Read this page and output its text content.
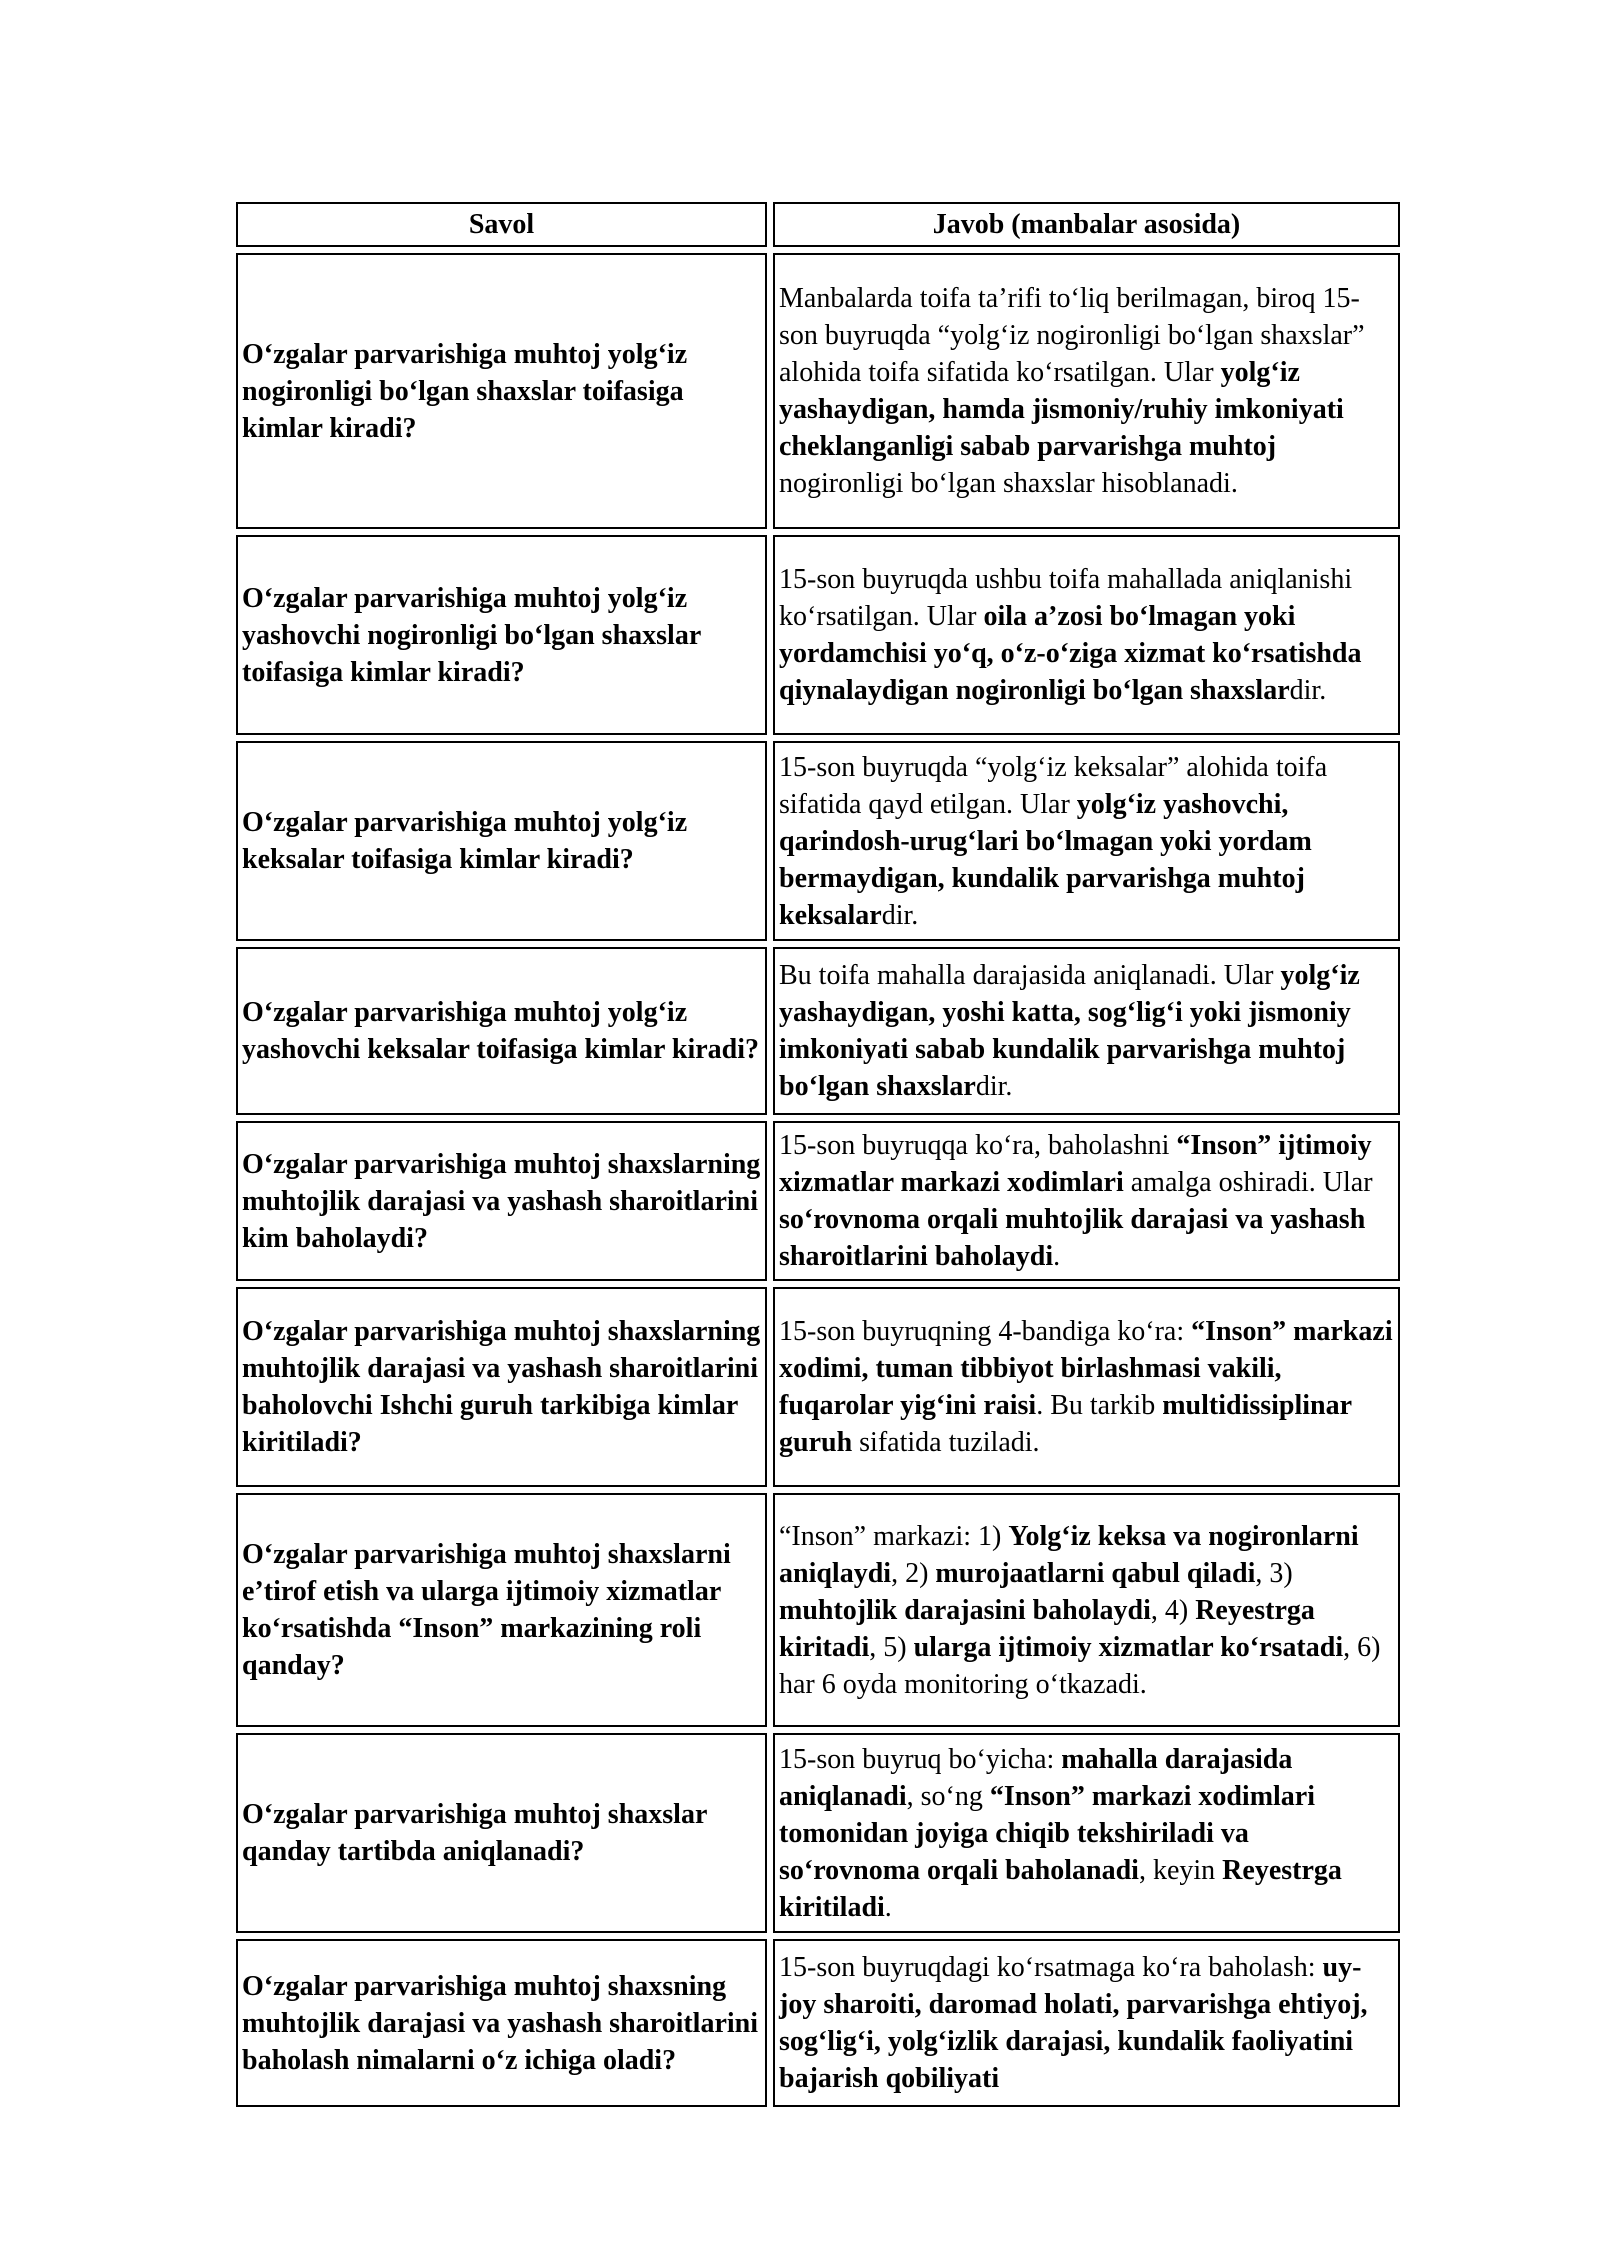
Savol		Javob (manbalar asosida)
O‘zgalar parvarishiga muhtoj yolg‘iz nogironligi bo‘lgan shaxslar toifasiga kimlar kiradi?		Manbalarda toifa ta’rifi to‘liq berilmagan, biroq 15-son buyruqda “yolg‘iz nogironligi bo‘lgan shaxslar” alohida toifa sifatida ko‘rsatilgan. Ular yolg‘iz yashaydigan, hamda jismoniy/ruhiy imkoniyati cheklanganligi sabab parvarishga muhtoj nogironligi bo‘lgan shaxslar hisoblanadi.
O‘zgalar parvarishiga muhtoj yolg‘iz yashovchi nogironligi bo‘lgan shaxslar toifasiga kimlar kiradi?		15-son buyruqda ushbu toifa mahallada aniqlanishi ko‘rsatilgan. Ular oila a’zosi bo‘lmagan yoki yordamchisi yo‘q, o‘z-o‘ziga xizmat ko‘rsatishda qiynalaydigan nogironligi bo‘lgan shaxslardir.
O‘zgalar parvarishiga muhtoj yolg‘iz keksalar toifasiga kimlar kiradi?		15-son buyruqda “yolg‘iz keksalar” alohida toifa sifatida qayd etilgan. Ular yolg‘iz yashovchi, qarindosh-urug‘lari bo‘lmagan yoki yordam bermaydigan, kundalik parvarishga muhtoj keksalardir.
O‘zgalar parvarishiga muhtoj yolg‘iz yashovchi keksalar toifasiga kimlar kiradi?		Bu toifa mahalla darajasida aniqlanadi. Ular yolg‘iz yashaydigan, yoshi katta, sog‘lig‘i yoki jismoniy imkoniyati sabab kundalik parvarishga muhtoj bo‘lgan shaxslardir.
O‘zgalar parvarishiga muhtoj shaxslarning muhtojlik darajasi va yashash sharoitlarini kim baholaydi?		15-son buyruqqa ko‘ra, baholashni “Inson” ijtimoiy xizmatlar markazi xodimlari amalga oshiradi. Ular so‘rovnoma orqali muhtojlik darajasi va yashash sharoitlarini baholaydi.
O‘zgalar parvarishiga muhtoj shaxslarning muhtojlik darajasi va yashash sharoitlarini baholovchi Ishchi guruh tarkibiga kimlar kiritiladi?		15-son buyruqning 4-bandiga ko‘ra: “Inson” markazi xodimi, tuman tibbiyot birlashmasi vakili, fuqarolar yig‘ini raisi. Bu tarkib multidissiplinar guruh sifatida tuziladi.
O‘zgalar parvarishiga muhtoj shaxslarni e’tirof etish va ularga ijtimoiy xizmatlar ko‘rsatishda “Inson” markazining roli qanday?		“Inson” markazi: 1) Yolg‘iz keksa va nogironlarni aniqlaydi, 2) murojaatlarni qabul qiladi, 3) muhtojlik darajasini baholaydi, 4) Reyestrga kiritadi, 5) ularga ijtimoiy xizmatlar ko‘rsatadi, 6) har 6 oyda monitoring o‘tkazadi.
O‘zgalar parvarishiga muhtoj shaxslar qanday tartibda aniqlanadi?		15-son buyruq bo‘yicha: mahalla darajasida aniqlanadi, so‘ng “Inson” markazi xodimlari tomonidan joyiga chiqib tekshiriladi va so‘rovnoma orqali baholanadi, keyin Reyestrga kiritiladi.
O‘zgalar parvarishiga muhtoj shaxsning muhtojlik darajasi va yashash sharoitlarini baholash nimalarni o‘z ichiga oladi?		15-son buyruqdagi ko‘rsatmaga ko‘ra baholash: uy-joy sharoiti, daromad holati, parvarishga ehtiyoj, sog‘lig‘i, yolg‘izlik darajasi, kundalik faoliyatini bajarish qobiliyati
